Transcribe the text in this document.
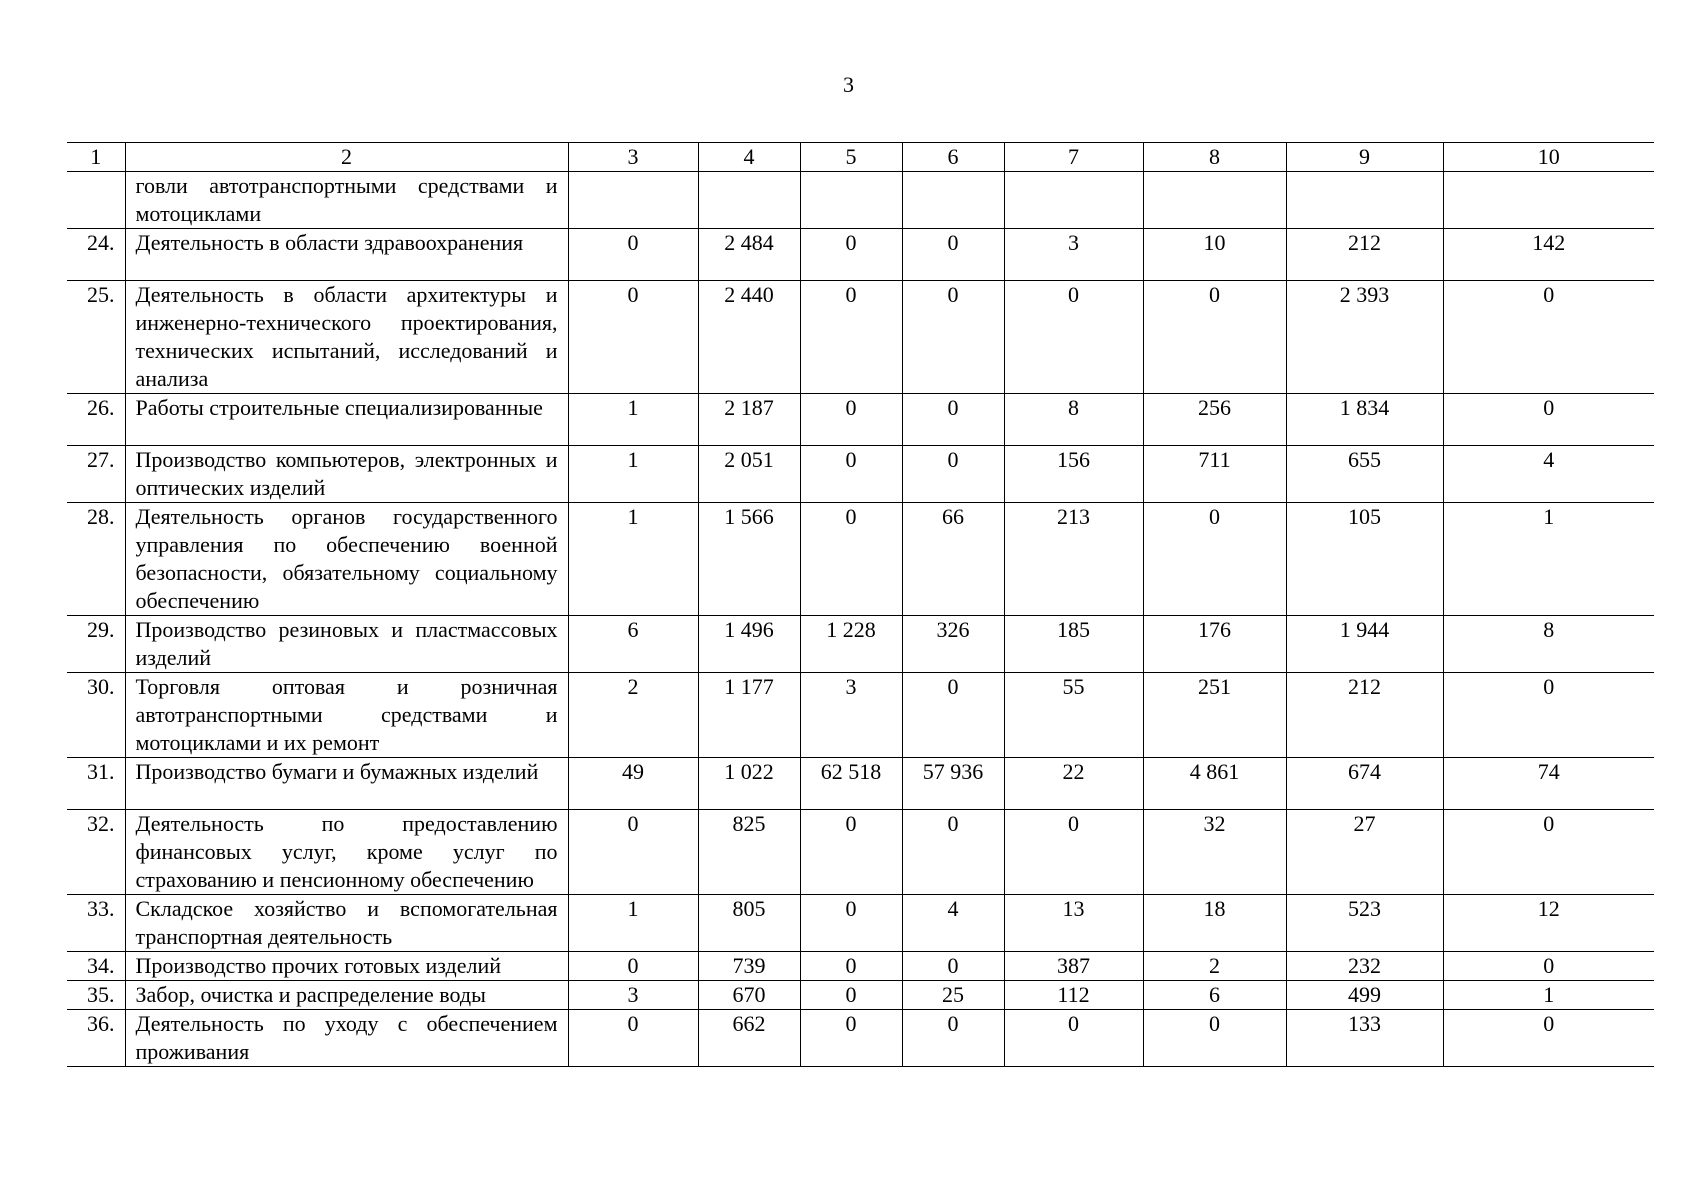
3
1	2	3	4	5	6	7	8	9	10
	говли автотранспортными средствами и мотоциклами								
24.	Деятельность в области здравоохранения	0	2 484	0	0	3	10	212	142
25.	Деятельность в области архитектуры и инженерно-технического проектирования, технических испытаний, исследований и анализа	0	2 440	0	0	0	0	2 393	0
26.	Работы строительные специализированные	1	2 187	0	0	8	256	1 834	0
27.	Производство компьютеров, электронных и оптических изделий	1	2 051	0	0	156	711	655	4
28.	Деятельность органов государственного управления по обеспечению военной безопасности, обязательному социальному обеспечению	1	1 566	0	66	213	0	105	1
29.	Производство резиновых и пластмассовых изделий	6	1 496	1 228	326	185	176	1 944	8
30.	Торговля оптовая и розничная автотранспортными средствами и мотоциклами и их ремонт	2	1 177	3	0	55	251	212	0
31.	Производство бумаги и бумажных изделий	49	1 022	62 518	57 936	22	4 861	674	74
32.	Деятельность по предоставлению финансовых услуг, кроме услуг по страхованию и пенсионному обеспечению	0	825	0	0	0	32	27	0
33.	Складское хозяйство и вспомогательная транспортная деятельность	1	805	0	4	13	18	523	12
34.	Производство прочих готовых изделий	0	739	0	0	387	2	232	0
35.	Забор, очистка и распределение воды	3	670	0	25	112	6	499	1
36.	Деятельность по уходу с обеспечением проживания	0	662	0	0	0	0	133	0
